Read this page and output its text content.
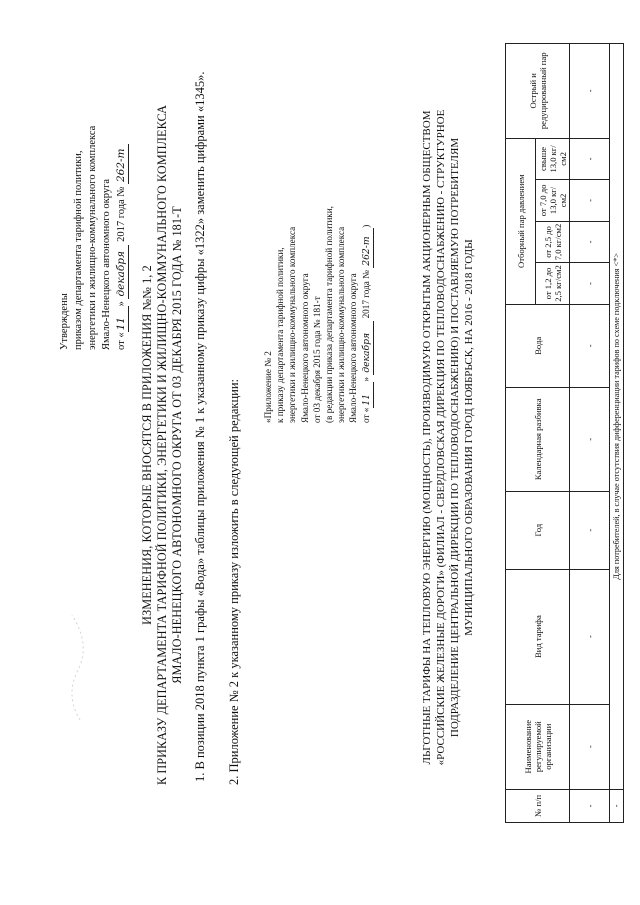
Утверждены приказом департамента тарифной политики, энергетики и жилищно-коммунального комплекса Ямало-Ненецкого автономного округа от «11» декабря 2017 года № 262-т
ИЗМЕНЕНИЯ, КОТОРЫЕ ВНОСЯТСЯ В ПРИЛОЖЕНИЯ №№ 1, 2 К ПРИКАЗУ ДЕПАРТАМЕНТА ТАРИФНОЙ ПОЛИТИКИ, ЭНЕРГЕТИКИ И ЖИЛИЩНО-КОММУНАЛЬНОГО КОМПЛЕКСА ЯМАЛО-НЕНЕЦКОГО АВТОНОМНОГО ОКРУГА ОТ 03 ДЕКАБРЯ 2015 ГОДА № 181-Т 1. В позиции 2018 пункта 1 графы «Вода» таблицы приложения № 1 к указанному приказу цифры «1322» заменить цифрами «1345». 2. Приложение № 2 к указанному приказу изложить в следующей редакции: «Приложение № 2 к приказу департамента тарифной политики, энергетики и жилищно-коммунального комплекса Ямало-Ненецкого автономного округа от 03 декабря 2015 года № 181-т (в редакции приказа департамента тарифной политики, энергетики и жилищно-коммунального комплекса Ямало-Ненецкого автономного округа от «11» декабря 2017 года № 262-т)	ЛЬГОТНЫЕ ТАРИФЫ НА ТЕПЛОВУЮ ЭНЕРГИЮ (МОЩНОСТЬ), ПРОИЗВОДИМУЮ ОТКРЫТЫМ АКЦИОНЕРНЫМ ОБЩЕСТВОМ «РОССИЙСКИЕ ЖЕЛЕЗНЫЕ ДОРОГИ» (ФИЛИАЛ - СВЕРДЛОВСКАЯ ДИРЕКЦИЯ ПО ТЕПЛОВОДОСНАБЖЕНИЮ - СТРУКТУРНОЕ ПОДРАЗДЕЛЕНИЕ ЦЕНТРАЛЬНОЙ ДИРЕКЦИИ ПО ТЕПЛОВОДОСНАБЖЕНИЮ) И ПОСТАВЛЯЕМУЮ ПОТРЕБИТЕЛЯМ МУНИЦИПАЛЬНОГО ОБРАЗОВАНИЯ ГОРОД НОЯБРЬСК, НА 2016 - 2018 ГОДЫ
№ п/п	Наименование регулируемой организации	Вид тарифа	Год	Календарная разбивка	Вода	Отборный пар давлением				Острый и редуцированный пар
						от 1,2 до 2,5 кг/см2	от 2,5 до 7,0 кг/см2	от 7,0 до 13,0 кг/см2	свыше 13,0 кг/см2	
-	-	-	-	-	-	-	-	-	-	-
-	Для потребителей, в случае отсутствия дифференциации тарифов по схеме подключения <*>									
